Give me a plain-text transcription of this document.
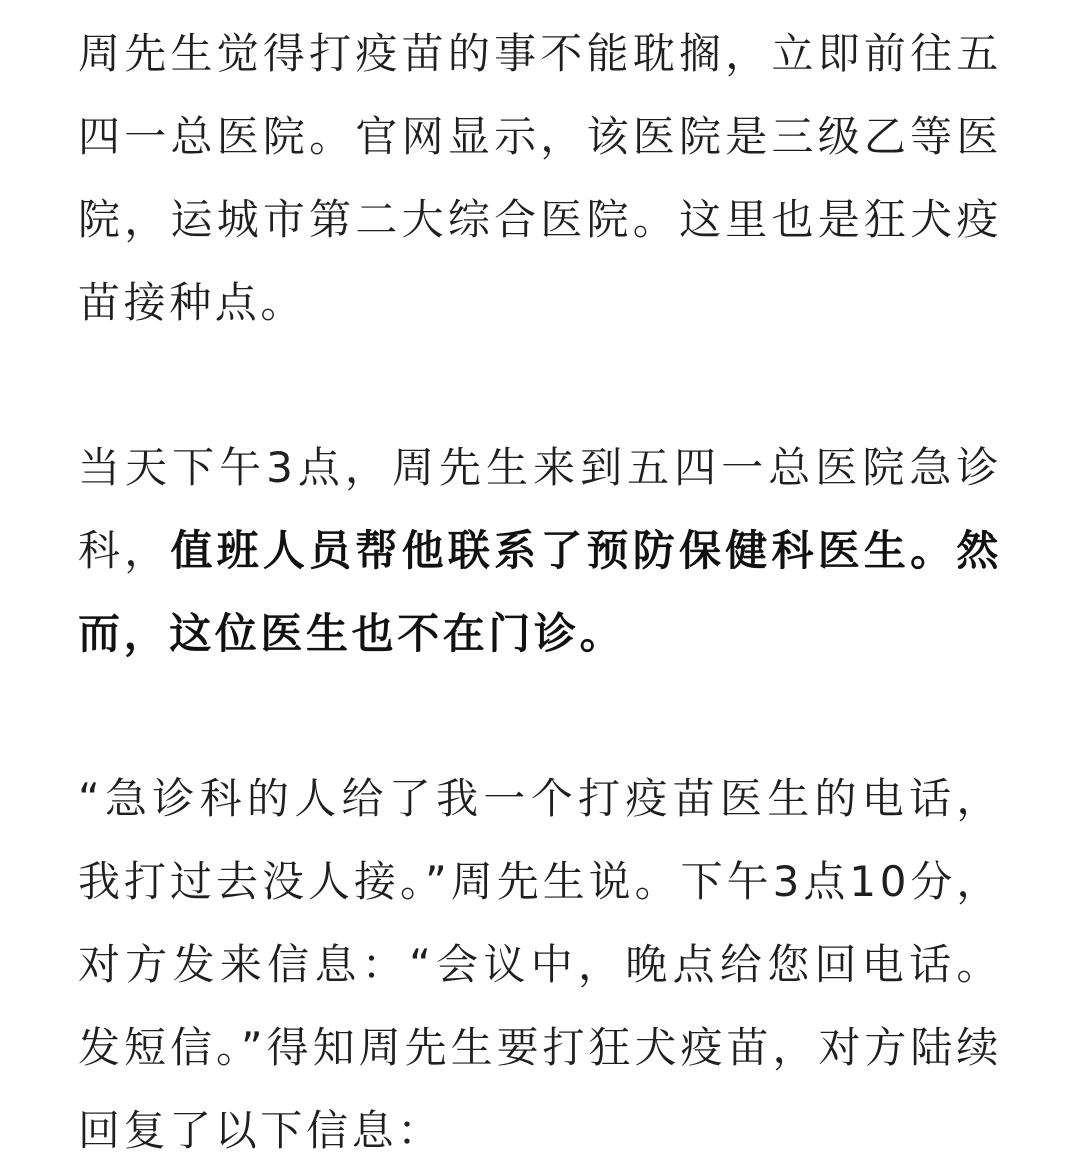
周先生觉得打疫苗的事不能耽搁，立即前往五四一总医院。官网显示，该医院是三级乙等医院，运城市第二大综合医院。这里也是狂犬疫苗接种点。

当天下午3点，周先生来到五四一总医院急诊科，值班人员帮他联系了预防保健科医生。然而，这位医生也不在门诊。

“急诊科的人给了我一个打疫苗医生的电话，我打过去没人接。”周先生说。下午3点10分，对方发来信息：“会议中，晚点给您回电话。发短信。”得知周先生要打狂犬疫苗，对方陆续回复了以下信息：
